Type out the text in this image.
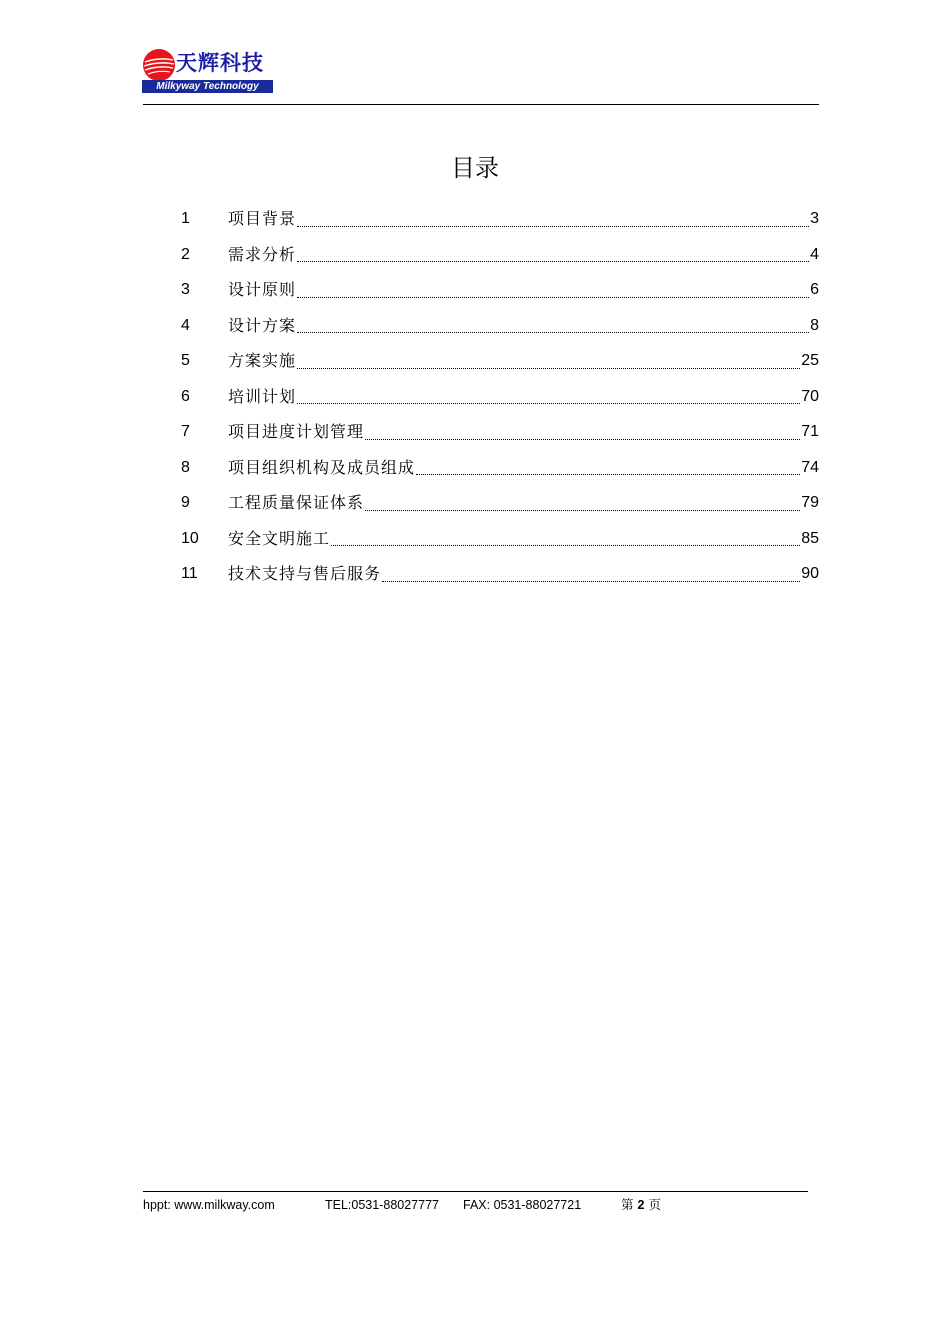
天辉科技
Milkyway Technology
目录
1	项目背景	3
2	需求分析	4
3	设计原则	6
4	设计方案	8
5	方案实施	25
6	培训计划	70
7	项目进度计划管理	71
8	项目组织机构及成员组成	74
9	工程质量保证体系	79
10	安全文明施工	85
11	技术支持与售后服务	90
hppt: www.milkway.com	TEL:0531-88027777 FAX: 0531-88027721	第 2 页
